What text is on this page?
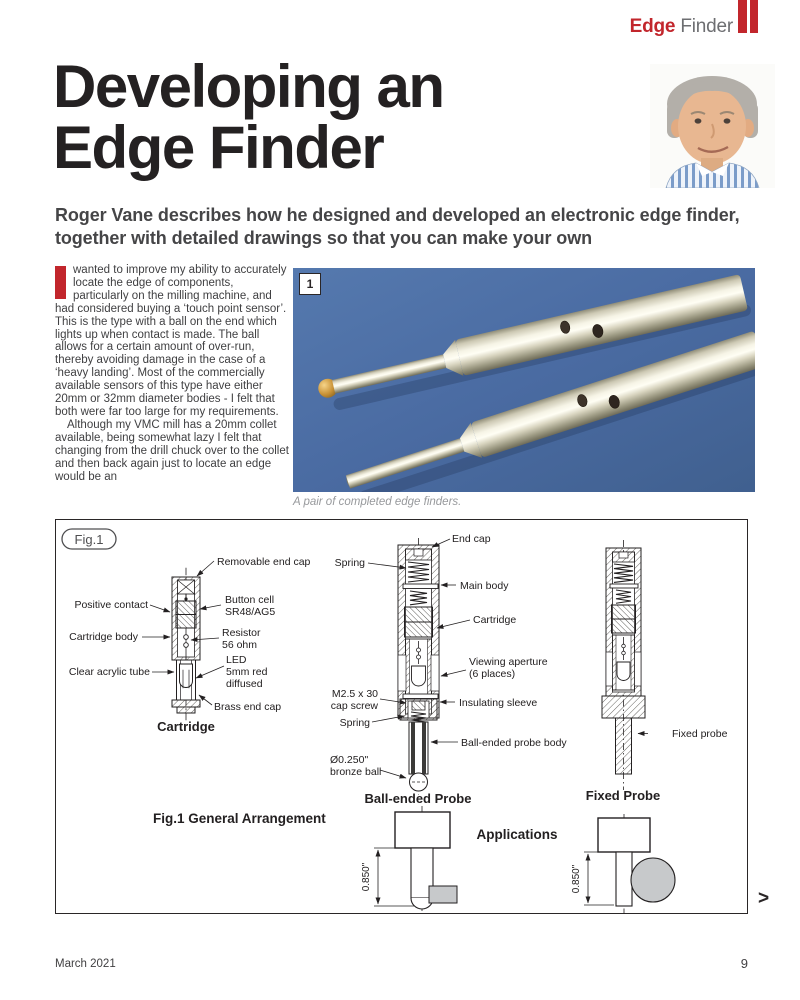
Edge Finder
Developing an
Edge Finder
Roger Vane describes how he designed and developed an electronic edge finder, together with detailed drawings so that you can make your own

wanted to improve my ability to accurately locate the edge of components, particularly on the milling machine, and had considered buying a ‘touch point sensor’. This is the type with a ball on the end which lights up when contact is made. The ball allows for a certain amount of over-run, thereby avoiding damage in the case of a ‘heavy landing’. Most of the commercially available sensors of this type have either 20mm or 32mm diameter bodies - I felt that both were far too large for my requirements.

Although my VMC mill has a 20mm collet available, being somewhat lazy I felt that changing from the drill chuck over to the collet and then back again just to locate an edge would be an

1
A pair of completed edge finders.
Fig.1
Removable end cap
Positive contact	Button cell
SR48/AG5
Cartridge body	Resistor
56 ohm
Clear acrylic tube
LED
5mm red
diffused
Brass end cap
Cartridge
End cap
Spring
Main body
Cartridge
Viewing aperture
(6 places)
M2.5 x 30
cap screw	Insulating sleeve
Spring
Ball-ended probe body
Ø0.250"
bronze ball
Ball-ended Probe
Fixed probe
Fixed Probe
Fig.1 General Arrangement
Applications
0.850"	0.850"
>
March 2021	9
